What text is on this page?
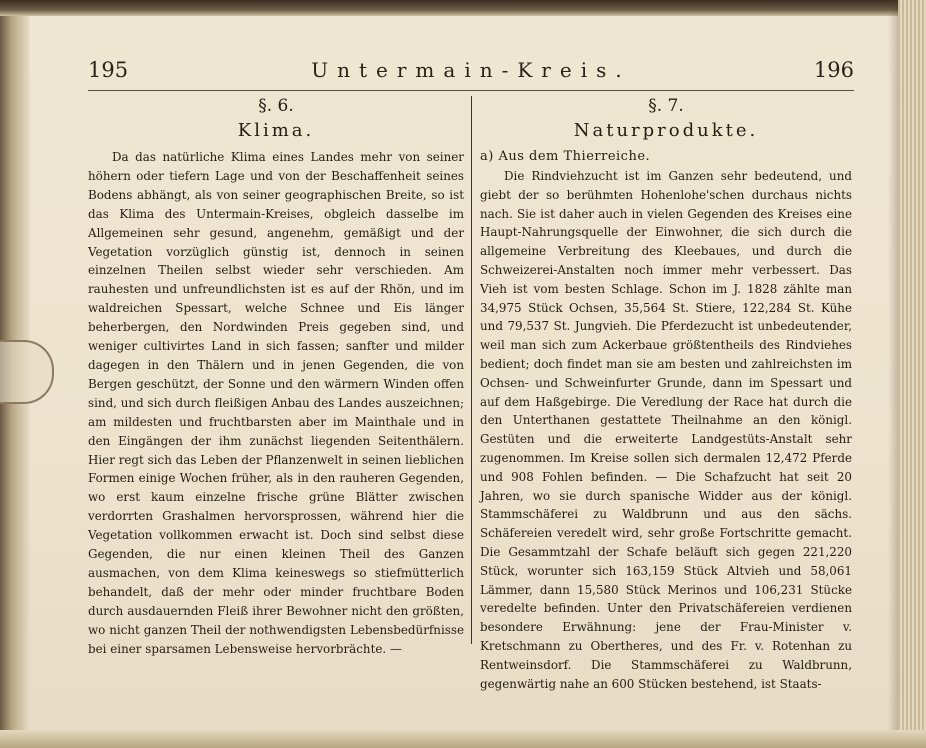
195	Untermain-Kreis.	196
§. 6.
Klima.

Da das natürliche Klima eines Landes mehr von seiner höhern oder tiefern Lage und von der Beschaffenheit seines Bodens abhängt, als von seiner geographischen Breite, so ist das Klima des Untermain-Kreises, obgleich dasselbe im Allgemeinen sehr gesund, angenehm, gemäßigt und der Vegetation vorzüglich günstig ist, dennoch in seinen einzelnen Theilen selbst wieder sehr verschieden. Am rauhesten und unfreundlichsten ist es auf der Rhön, und im waldreichen Spessart, welche Schnee und Eis länger beherbergen, den Nordwinden Preis gegeben sind, und weniger cultivirtes Land in sich fassen; sanfter und milder dagegen in den Thälern und in jenen Gegenden, die von Bergen geschützt, der Sonne und den wärmern Winden offen sind, und sich durch fleißigen Anbau des Landes auszeichnen; am mildesten und fruchtbarsten aber im Mainthale und in den Eingängen der ihm zunächst liegenden Seitenthälern. Hier regt sich das Leben der Pflanzenwelt in seinen lieblichen Formen einige Wochen früher, als in den rauheren Gegenden, wo erst kaum einzelne frische grüne Blätter zwischen verdorrten Grashalmen hervorsprossen, während hier die Vegetation vollkommen erwacht ist. Doch sind selbst diese Gegenden, die nur einen kleinen Theil des Ganzen ausmachen, von dem Klima keineswegs so stiefmütterlich behandelt, daß der mehr oder minder fruchtbare Boden durch ausdauernden Fleiß ihrer Bewohner nicht den größten, wo nicht ganzen Theil der nothwendigsten Lebensbedürfnisse bei einer sparsamen Lebensweise hervorbrächte. —

§. 7.
Naturprodukte.
a) Aus dem Thierreiche.

Die Rindviehzucht ist im Ganzen sehr bedeutend, und giebt der so berühmten Hohenlohe'schen durchaus nichts nach. Sie ist daher auch in vielen Gegenden des Kreises eine Haupt-Nahrungsquelle der Einwohner, die sich durch die allgemeine Verbreitung des Kleebaues, und durch die Schweizerei-Anstalten noch immer mehr verbessert. Das Vieh ist vom besten Schlage. Schon im J. 1828 zählte man 34,975 Stück Ochsen, 35,564 St. Stiere, 122,284 St. Kühe und 79,537 St. Jungvieh. Die Pferdezucht ist unbedeutender, weil man sich zum Ackerbaue größtentheils des Rindviehes bedient; doch findet man sie am besten und zahlreichsten im Ochsen- und Schweinfurter Grunde, dann im Spessart und auf dem Haßgebirge. Die Veredlung der Race hat durch die den Unterthanen gestattete Theilnahme an den königl. Gestüten und die erweiterte Landgestüts-Anstalt sehr zugenommen. Im Kreise sollen sich dermalen 12,472 Pferde und 908 Fohlen befinden. — Die Schafzucht hat seit 20 Jahren, wo sie durch spanische Widder aus der königl. Stammschäferei zu Waldbrunn und aus den sächs. Schäfereien veredelt wird, sehr große Fortschritte gemacht. Die Gesammtzahl der Schafe beläuft sich gegen 221,220 Stück, worunter sich 163,159 Stück Altvieh und 58,061 Lämmer, dann 15,580 Stück Merinos und 106,231 Stücke veredelte befinden. Unter den Privatschäfereien verdienen besondere Erwähnung: jene der Frau-Minister v. Kretschmann zu Obertheres, und des Fr. v. Rotenhan zu Rentweinsdorf. Die Stammschäferei zu Waldbrunn, gegenwärtig nahe an 600 Stücken bestehend, ist Staats-
